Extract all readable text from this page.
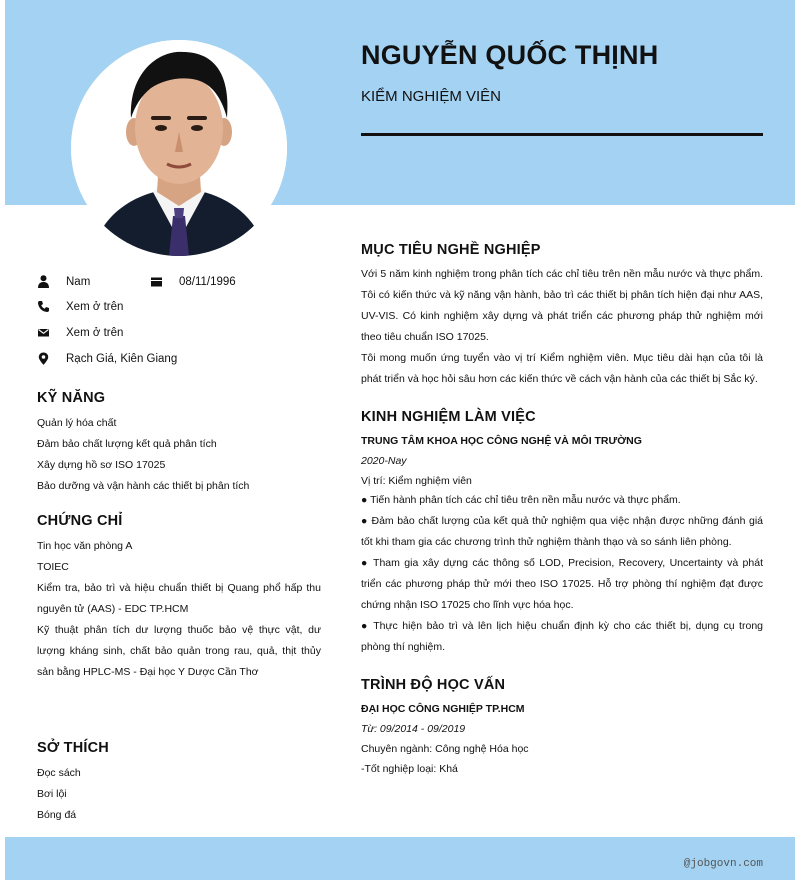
@jobgovn.com
NGUYỄN QUỐC THỊNH
KIỂM NGHIỆM VIÊN
Nam	08/11/1996
Xem ở trên
Xem ở trên
Rạch Giá, Kiên Giang
KỸ NĂNG
Quản lý hóa chất
Đảm bảo chất lượng kết quả phân tích
Xây dựng hồ sơ ISO 17025
Bảo dưỡng và vận hành các thiết bị phân tích
CHỨNG CHỈ
Tin học văn phòng A
TOIEC
Kiểm tra, bảo trì và hiệu chuẩn thiết bị Quang phổ hấp thu nguyên tử (AAS) - EDC TP.HCM
Kỹ thuật phân tích dư lượng thuốc bảo vệ thực vật, dư lượng kháng sinh, chất bảo quản trong rau, quả, thịt thủy sản bằng HPLC-MS - Đại học Y Dược Cần Thơ
SỞ THÍCH
Đọc sách
Bơi lội
Bóng đá
MỤC TIÊU NGHỀ NGHIỆP
Với 5 năm kinh nghiệm trong phân tích các chỉ tiêu trên nền mẫu nước và thực phẩm. Tôi có kiến thức và kỹ năng vận hành, bảo trì các thiết bị phân tích hiện đại như AAS, UV-VIS. Có kinh nghiệm xây dựng và phát triển các phương pháp thử nghiệm mới theo tiêu chuẩn ISO 17025.
Tôi mong muốn ứng tuyển vào vị trí Kiểm nghiệm viên. Mục tiêu dài hạn của tôi là phát triển và học hỏi sâu hơn các kiến thức về cách vận hành của các thiết bị Sắc ký.
KINH NGHIỆM LÀM VIỆC
TRUNG TÂM KHOA HỌC CÔNG NGHỆ VÀ MÔI TRƯỜNG
2020-Nay
Vị trí: Kiểm nghiệm viên
● Tiến hành phân tích các chỉ tiêu trên nền mẫu nước và thực phẩm.
● Đảm bảo chất lượng của kết quả thử nghiệm qua việc nhận được những đánh giá tốt khi tham gia các chương trình thử nghiệm thành thạo và so sánh liên phòng.
● Tham gia xây dựng các thông số LOD, Precision, Recovery, Uncertainty và phát triển các phương pháp thử mới theo ISO 17025. Hỗ trợ phòng thí nghiệm đạt được chứng nhận ISO 17025 cho lĩnh vực hóa học.
● Thực hiện bảo trì và lên lịch hiệu chuẩn định kỳ cho các thiết bị, dụng cụ trong phòng thí nghiệm.
TRÌNH ĐỘ HỌC VẤN
ĐẠI HỌC CÔNG NGHIỆP TP.HCM
Từ: 09/2014 - 09/2019
Chuyên ngành: Công nghệ Hóa học
-Tốt nghiệp loại: Khá
